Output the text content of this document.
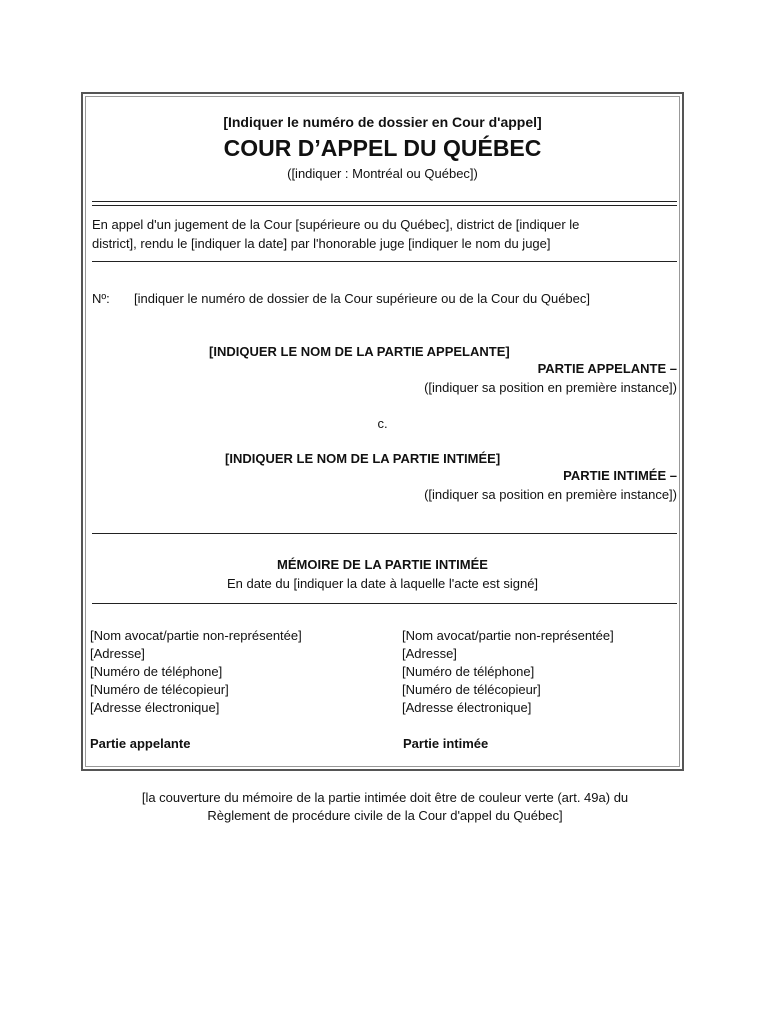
[Indiquer le numéro de dossier en Cour d'appel]
COUR D’APPEL DU QUÉBEC
([indiquer : Montréal ou Québec])
En appel d'un jugement de la Cour [supérieure ou du Québec], district de [indiquer le
district], rendu le [indiquer la date] par l'honorable juge [indiquer le nom du juge]
Nº: [indiquer le numéro de dossier de la Cour supérieure ou de la Cour du Québec]
[INDIQUER LE NOM DE LA PARTIE APPELANTE]
PARTIE APPELANTE –
([indiquer sa position en première instance])
c.
[INDIQUER LE NOM DE LA PARTIE INTIMÉE]
PARTIE INTIMÉE –
([indiquer sa position en première instance])
MÉMOIRE DE LA PARTIE INTIMÉE
En date du [indiquer la date à laquelle l'acte est signé]
[Nom avocat/partie non-représentée]
[Adresse]
[Numéro de téléphone]
[Numéro de télécopieur]
[Adresse électronique]
Partie appelante
[Nom avocat/partie non-représentée]
[Adresse]
[Numéro de téléphone]
[Numéro de télécopieur]
[Adresse électronique]
Partie intimée
[la couverture du mémoire de la partie intimée doit être de couleur verte (art. 49a) du
Règlement de procédure civile de la Cour d'appel du Québec]
